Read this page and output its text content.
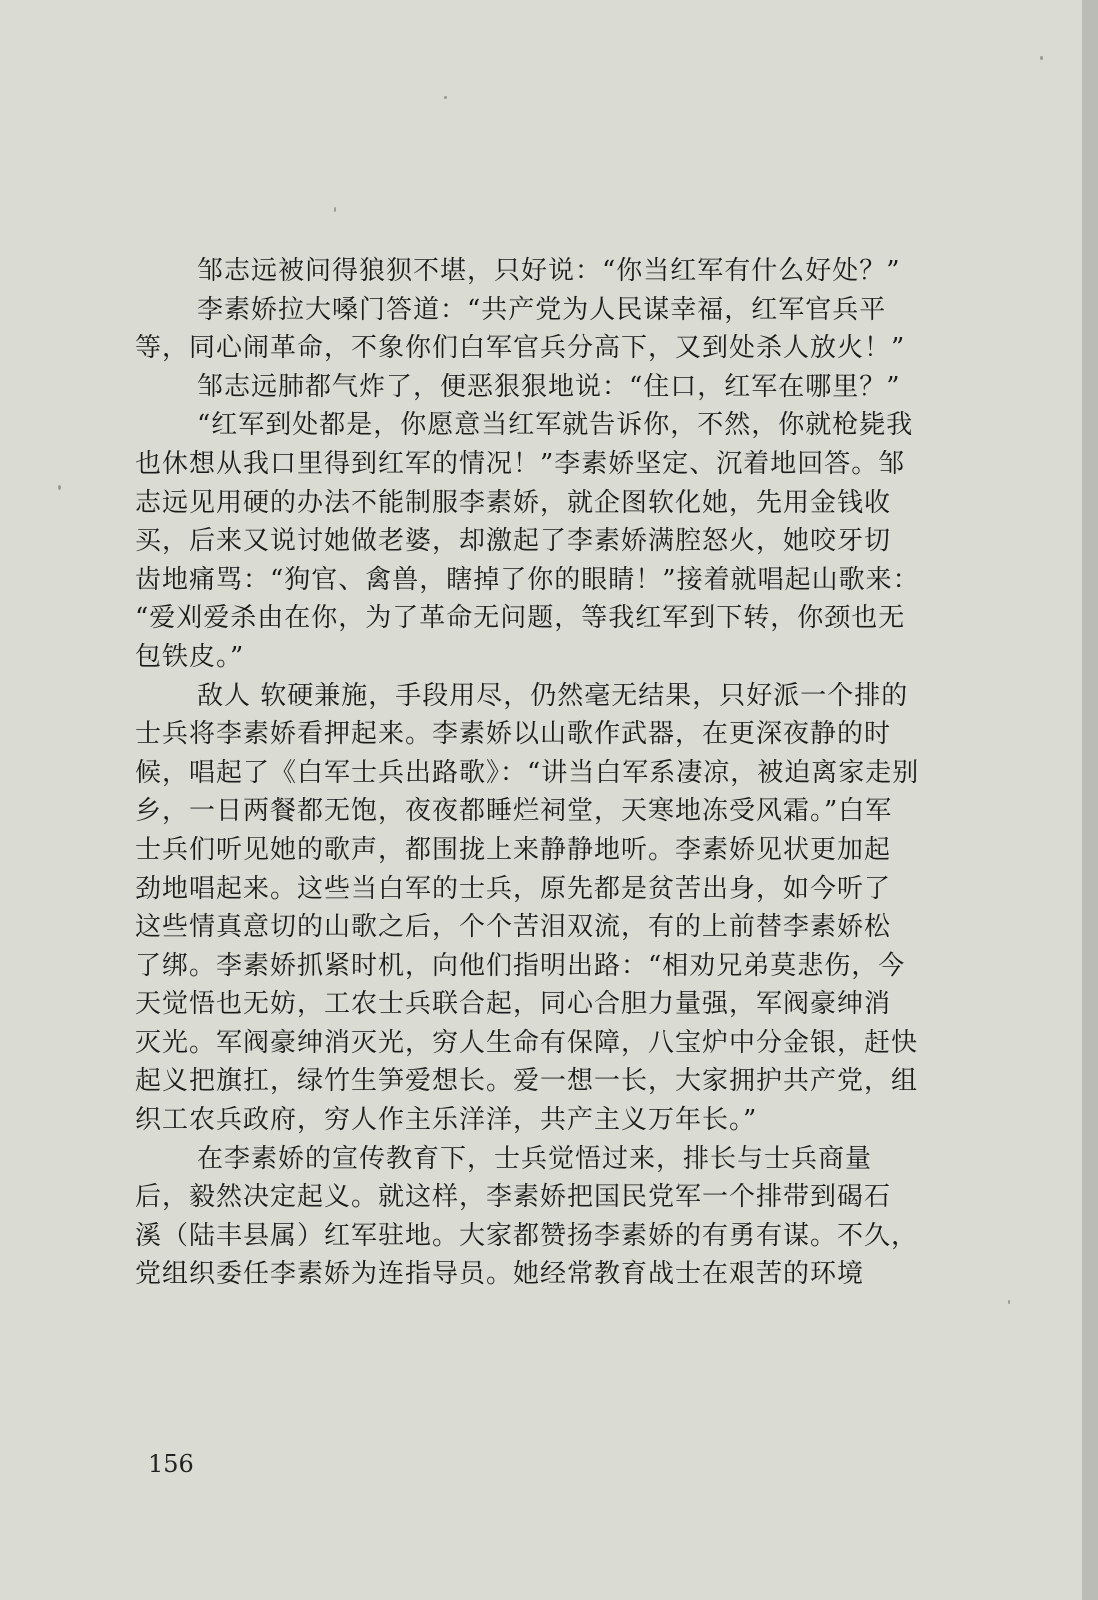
邹志远被问得狼狈不堪，只好说：“你当红军有什么好处？”
李素娇拉大嗓门答道：“共产党为人民谋幸福，红军官兵平
等，同心闹革命，不象你们白军官兵分高下，又到处杀人放火！”
邹志远肺都气炸了，便恶狠狠地说：“住口，红军在哪里？”
“红军到处都是，你愿意当红军就告诉你，不然，你就枪毙我
也休想从我口里得到红军的情况！”李素娇坚定、沉着地回答。邹
志远见用硬的办法不能制服李素娇，就企图软化她，先用金钱收
买，后来又说讨她做老婆，却激起了李素娇满腔怒火，她咬牙切
齿地痛骂：“狗官、禽兽，瞎掉了你的眼睛！”接着就唱起山歌来：
“爱刈爱杀由在你，为了革命无问题，等我红军到下转，你颈也无
包铁皮。”
敌人 软硬兼施，手段用尽，仍然毫无结果，只好派一个排的
士兵将李素娇看押起来。李素娇以山歌作武器，在更深夜静的时
候，唱起了《白军士兵出路歌》：“讲当白军系凄凉，被迫离家走别
乡，一日两餐都无饱，夜夜都睡烂祠堂，天寒地冻受风霜。”白军
士兵们听见她的歌声，都围拢上来静静地听。李素娇见状更加起
劲地唱起来。这些当白军的士兵，原先都是贫苦出身，如今听了
这些情真意切的山歌之后，个个苦泪双流，有的上前替李素娇松
了绑。李素娇抓紧时机，向他们指明出路：“相劝兄弟莫悲伤，今
天觉悟也无妨，工农士兵联合起，同心合胆力量强，军阀豪绅消
灭光。军阀豪绅消灭光，穷人生命有保障，八宝炉中分金银，赶快
起义把旗扛，绿竹生笋爱想长。爱一想一长，大家拥护共产党，组
织工农兵政府，穷人作主乐洋洋，共产主义万年长。”
在李素娇的宣传教育下，士兵觉悟过来，排长与士兵商量
后，毅然决定起义。就这样，李素娇把国民党军一个排带到碣石
溪（陆丰县属）红军驻地。大家都赞扬李素娇的有勇有谋。不久，
党组织委任李素娇为连指导员。她经常教育战士在艰苦的环境
156
